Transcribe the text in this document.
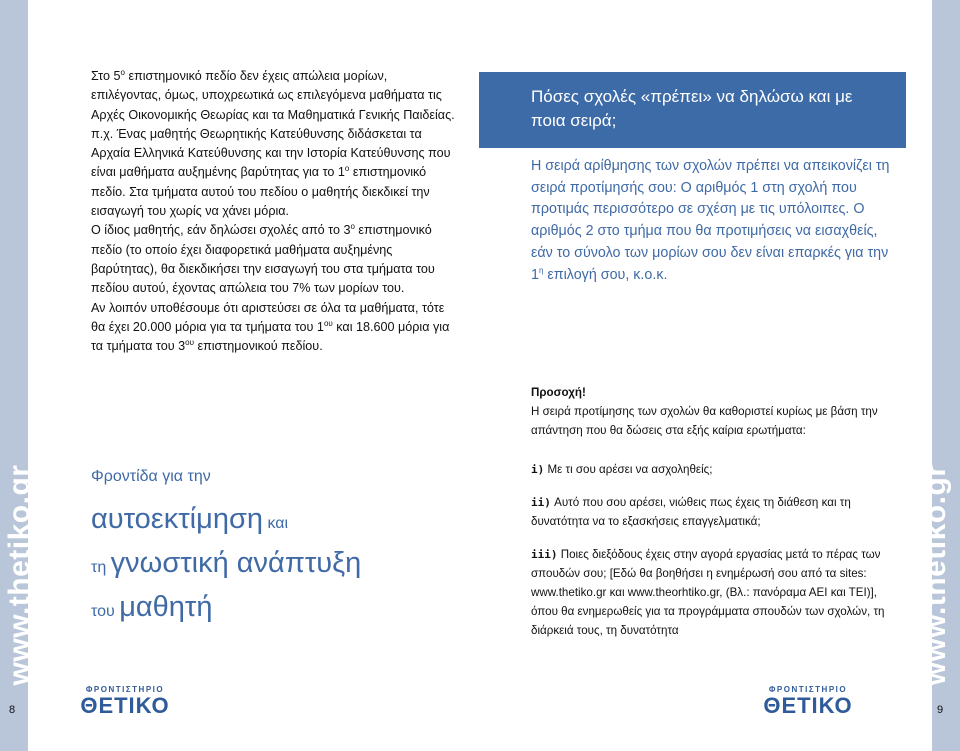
www.thetiko.gr	www.thetiko.gr
8	9

Στο $5^o$ επιστημονικό πεδίο δεν έχεις απώλεια μορίων, επιλέγοντας, όμως, υποχρεωτικά ως επιλεγόμενα μαθήματα τις Αρχές Οικονομικής Θεωρίας και τα Μαθηματικά Γενικής Παιδείας.

π.χ. Ένας μαθητής Θεωρητικής Κατεύθυνσης διδάσκεται τα Αρχαία Ελληνικά Κατεύθυνσης και την Ιστορία Κατεύθυνσης που είναι μαθήματα αυξημένης βαρύτητας για το $1^o$ επιστημονικό πεδίο. Στα τμήματα αυτού του πεδίου ο μαθητής διεκδικεί την εισαγωγή του χωρίς να χάνει μόρια.

Ο ίδιος μαθητής, εάν δηλώσει σχολές από το $3^o$ επιστημονικό πεδίο (το οποίο έχει διαφορετικά μαθήματα αυξημένης βαρύτητας), θα διεκδικήσει την εισαγωγή του στα τμήματα του πεδίου αυτού, έχοντας απώλεια του 7% των μορίων του.

Αν λοιπόν υποθέσουμε ότι αριστεύσει σε όλα τα μαθήματα, τότε θα έχει 20.000 μόρια για τα τμήματα του $1^{o\upsilon}$ και 18.600 μόρια για τα τμήματα του $3^{o\upsilon}$ επιστημονικού πεδίου.

Φροντίδα για την
αυτοεκτίμηση και
τη γνωστική ανάπτυξη
του μαθητή
ΦΡΟΝΤΙΣΤΗΡΙΟ
ΘΕΤΙΚΟ
ΦΡΟΝΤΙΣΤΗΡΙΟ
ΘΕΤΙΚΟ
Πόσες σχολές «πρέπει» να δηλώσω και με ποια σειρά;
Η σειρά αρίθμησης των σχολών πρέπει να απεικονίζει τη σειρά προτίμησής σου: Ο αριθμός 1 στη σχολή που προτιμάς περισσότερο σε σχέση με τις υπόλοιπες. Ο αριθμός 2 στο τμήμα που θα προτιμήσεις να εισαχθείς, εάν το σύνολο των μορίων σου δεν είναι επαρκές για την $1^\eta$ επιλογή σου, κ.ο.κ.

Προσοχή!

Η σειρά προτίμησης των σχολών θα καθοριστεί κυρίως με βάση την απάντηση που θα δώσεις στα εξής καίρια ερωτήματα:

i) Με τι σου αρέσει να ασχοληθείς;

ii) Αυτό που σου αρέσει, νιώθεις πως έχεις τη διάθεση και τη δυνατότητα να το εξασκήσεις επαγγελματικά;

iii) Ποιες διεξόδους έχεις στην αγορά εργασίας μετά το πέρας των σπουδών σου; [Εδώ θα βοηθήσει η ενημέρωσή σου από τα sites: www.thetiko.gr και www.theorhtiko.gr, (Βλ.: πανόραμα ΑΕΙ και ΤΕΙ)], όπου θα ενημερωθείς για τα προγράμματα σπουδών των σχολών, τη διάρκειά τους, τη δυνατότητα
